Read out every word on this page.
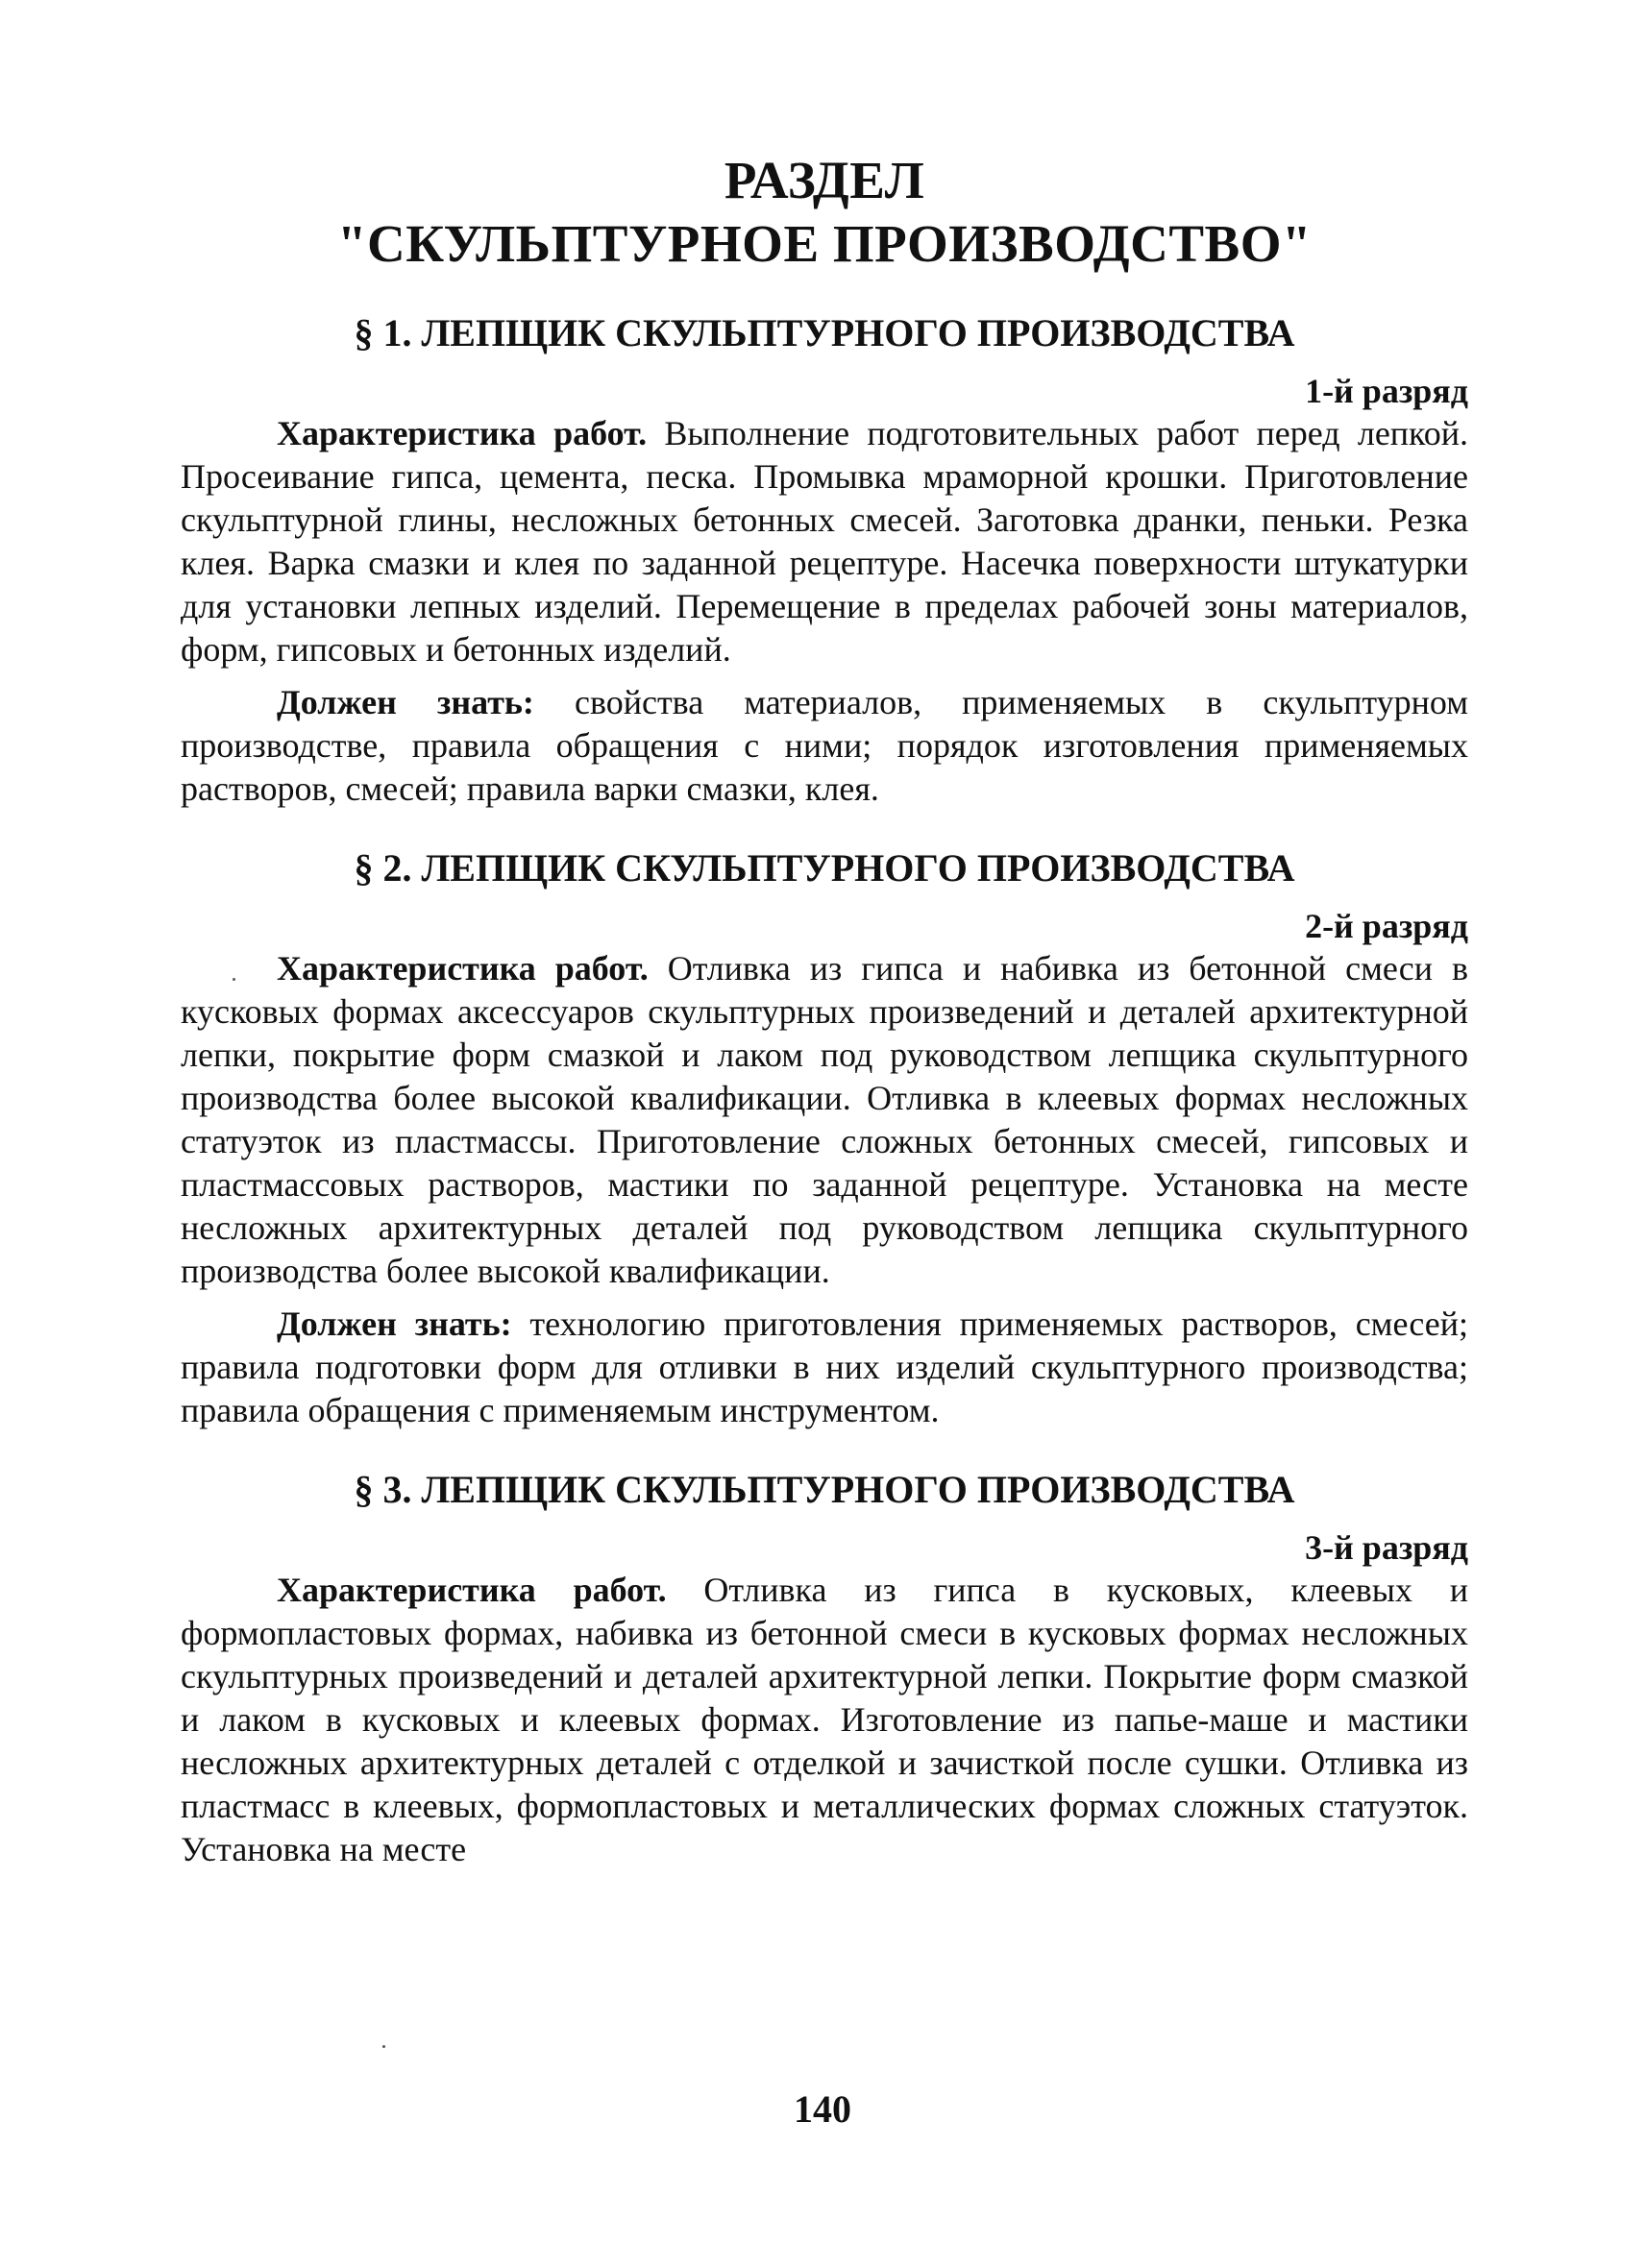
РАЗДЕЛ
"СКУЛЬПТУРНОЕ ПРОИЗВОДСТВО"
§ 1. ЛЕПЩИК СКУЛЬПТУРНОГО ПРОИЗВОДСТВА

1-й разряд

Характеристика работ. Выполнение подготовительных работ перед лепкой. Просеивание гипса, цемента, песка. Промывка мраморной крошки. Приготовление скульптурной глины, несложных бетонных смесей. Заготовка дранки, пеньки. Резка клея. Варка смазки и клея по заданной рецептуре. Насечка поверхности штукатурки для установки лепных изделий. Перемещение в пределах рабочей зоны материалов, форм, гипсовых и бетонных изделий.

Должен знать: свойства материалов, применяемых в скульптурном производстве, правила обращения с ними; порядок изготовления применяемых растворов, смесей; правила варки смазки, клея.

§ 2. ЛЕПЩИК СКУЛЬПТУРНОГО ПРОИЗВОДСТВА

2-й разряд

Характеристика работ. Отливка из гипса и набивка из бетонной смеси в кусковых формах аксессуаров скульптурных произведений и деталей архитектурной лепки, покрытие форм смазкой и лаком под руководством лепщика скульптурного производства более высокой квалификации. Отливка в клеевых формах несложных статуэток из пластмассы. Приготовление сложных бетонных смесей, гипсовых и пластмассовых растворов, мастики по заданной рецептуре. Установка на месте несложных архитектурных деталей под руководством лепщика скульптурного производства более высокой квалификации.

Должен знать: технологию приготовления применяемых растворов, смесей; правила подготовки форм для отливки в них изделий скульптурного производства; правила обращения с применяемым инструментом.

§ 3. ЛЕПЩИК СКУЛЬПТУРНОГО ПРОИЗВОДСТВА

3-й разряд

Характеристика работ. Отливка из гипса в кусковых, клеевых и формопластовых формах, набивка из бетонной смеси в кусковых формах несложных скульптурных произведений и деталей архитектурной лепки. Покрытие форм смазкой и лаком в кусковых и клеевых формах. Изготовление из папье-маше и мастики несложных архитектурных деталей с отделкой и зачисткой после сушки. Отливка из пластмасс в клеевых, формопластовых и металлических формах сложных статуэток. Установка на месте

140
